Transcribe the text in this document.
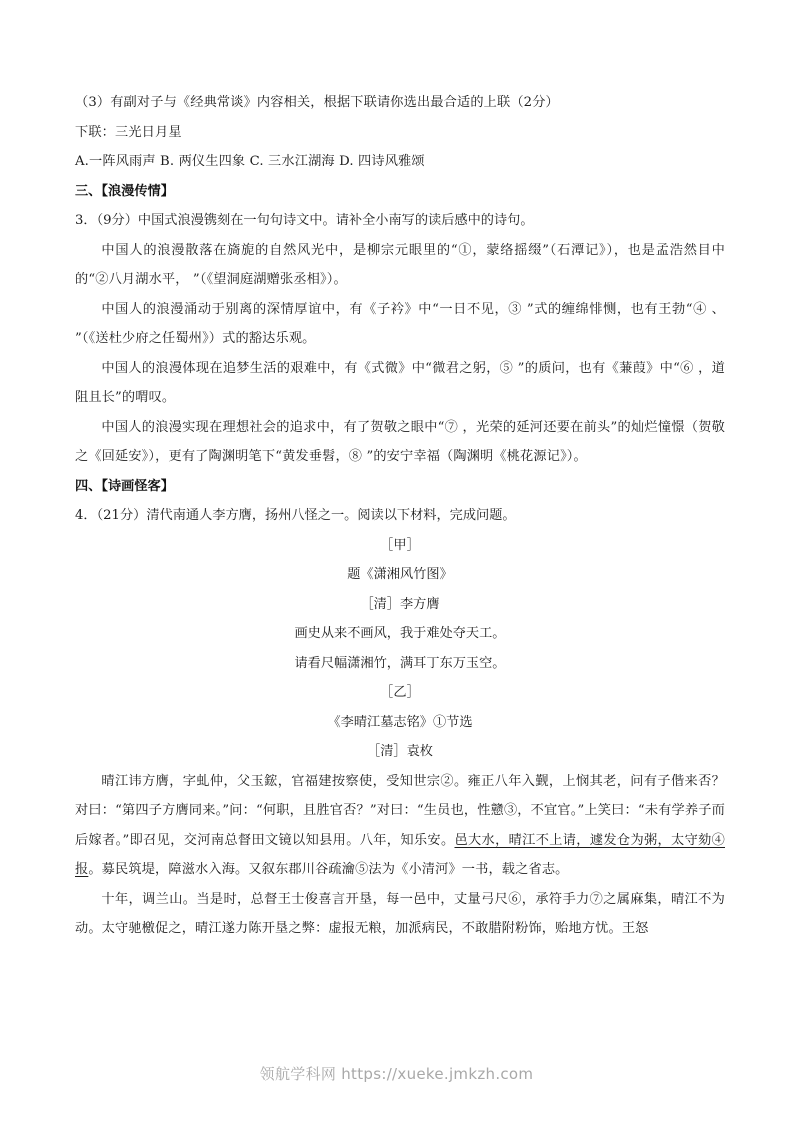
（3）有副对子与《经典常谈》内容相关，根据下联请你选出最合适的上联（2分）

下联：三光日月星

A.一阵风雨声 B. 两仪生四象 C. 三水江湖海 D. 四诗风雅颂

三、【浪漫传情】

3．（9分）中国式浪漫镌刻在一句句诗文中。请补全小南写的读后感中的诗句。

中国人的浪漫散落在旖旎的自然风光中，是柳宗元眼里的“①，蒙络摇缀”（石潭记》），也是孟浩然目中的“②八月湖水平， ”（《望洞庭湖赠张丞相》）。

中国人的浪漫涌动于别离的深情厚谊中，有《子衿》中“一日不见，③ ”式的缠绵悱恻，也有王勃“④ 、 ”（《送杜少府之任蜀州》）式的豁达乐观。

中国人的浪漫体现在追梦生活的艰难中，有《式微》中“微君之躬，⑤ ”的质问，也有《蒹葭》中“⑥ ，道阻且长”的喟叹。

中国人的浪漫实现在理想社会的追求中，有了贺敬之眼中“⑦ ，光荣的延河还要在前头”的灿烂憧憬（贺敬之《回延安》），更有了陶渊明笔下“黄发垂髫，⑧ ”的安宁幸福（陶渊明《桃花源记》）。

四、【诗画怪客】

4．（21分）清代南通人李方膺，扬州八怪之一。阅读以下材料，完成问题。

［甲］

题《潇湘风竹图》

［清］李方膺

画史从来不画风，我于难处夺天工。

请看尺幅潇湘竹，满耳丁东万玉空。

［乙］

《李晴江墓志铭》①节选

［清］袁枚

晴江讳方膺，字虬仲，父玉鋐，官福建按察使，受知世宗②。雍正八年入觐，上悯其老，问有子偕来否？对曰：“第四子方膺同来。”问：“何职，且胜官否？”对曰：“生员也，性戆③，不宜官。”上笑曰：“未有学养子而后嫁者。”即召见，交河南总督田文镜以知县用。八年，知乐安。邑大水，晴江不上请，遽发仓为粥，太守劾④报。募民筑堤，障滋水入海。又叙东郡川谷疏瀹⑤法为《小清河》一书，载之省志。

十年，调兰山。当是时，总督王士俊喜言开垦，每一邑中，丈量弓尺⑥，承符手力⑦之属麻集，晴江不为动。太守驰檄促之，晴江遂力陈开垦之弊：虚报无粮，加派病民，不敢腊附粉饰，贻地方忧。王怒

领航学科网 https://xueke.jmkzh.com
